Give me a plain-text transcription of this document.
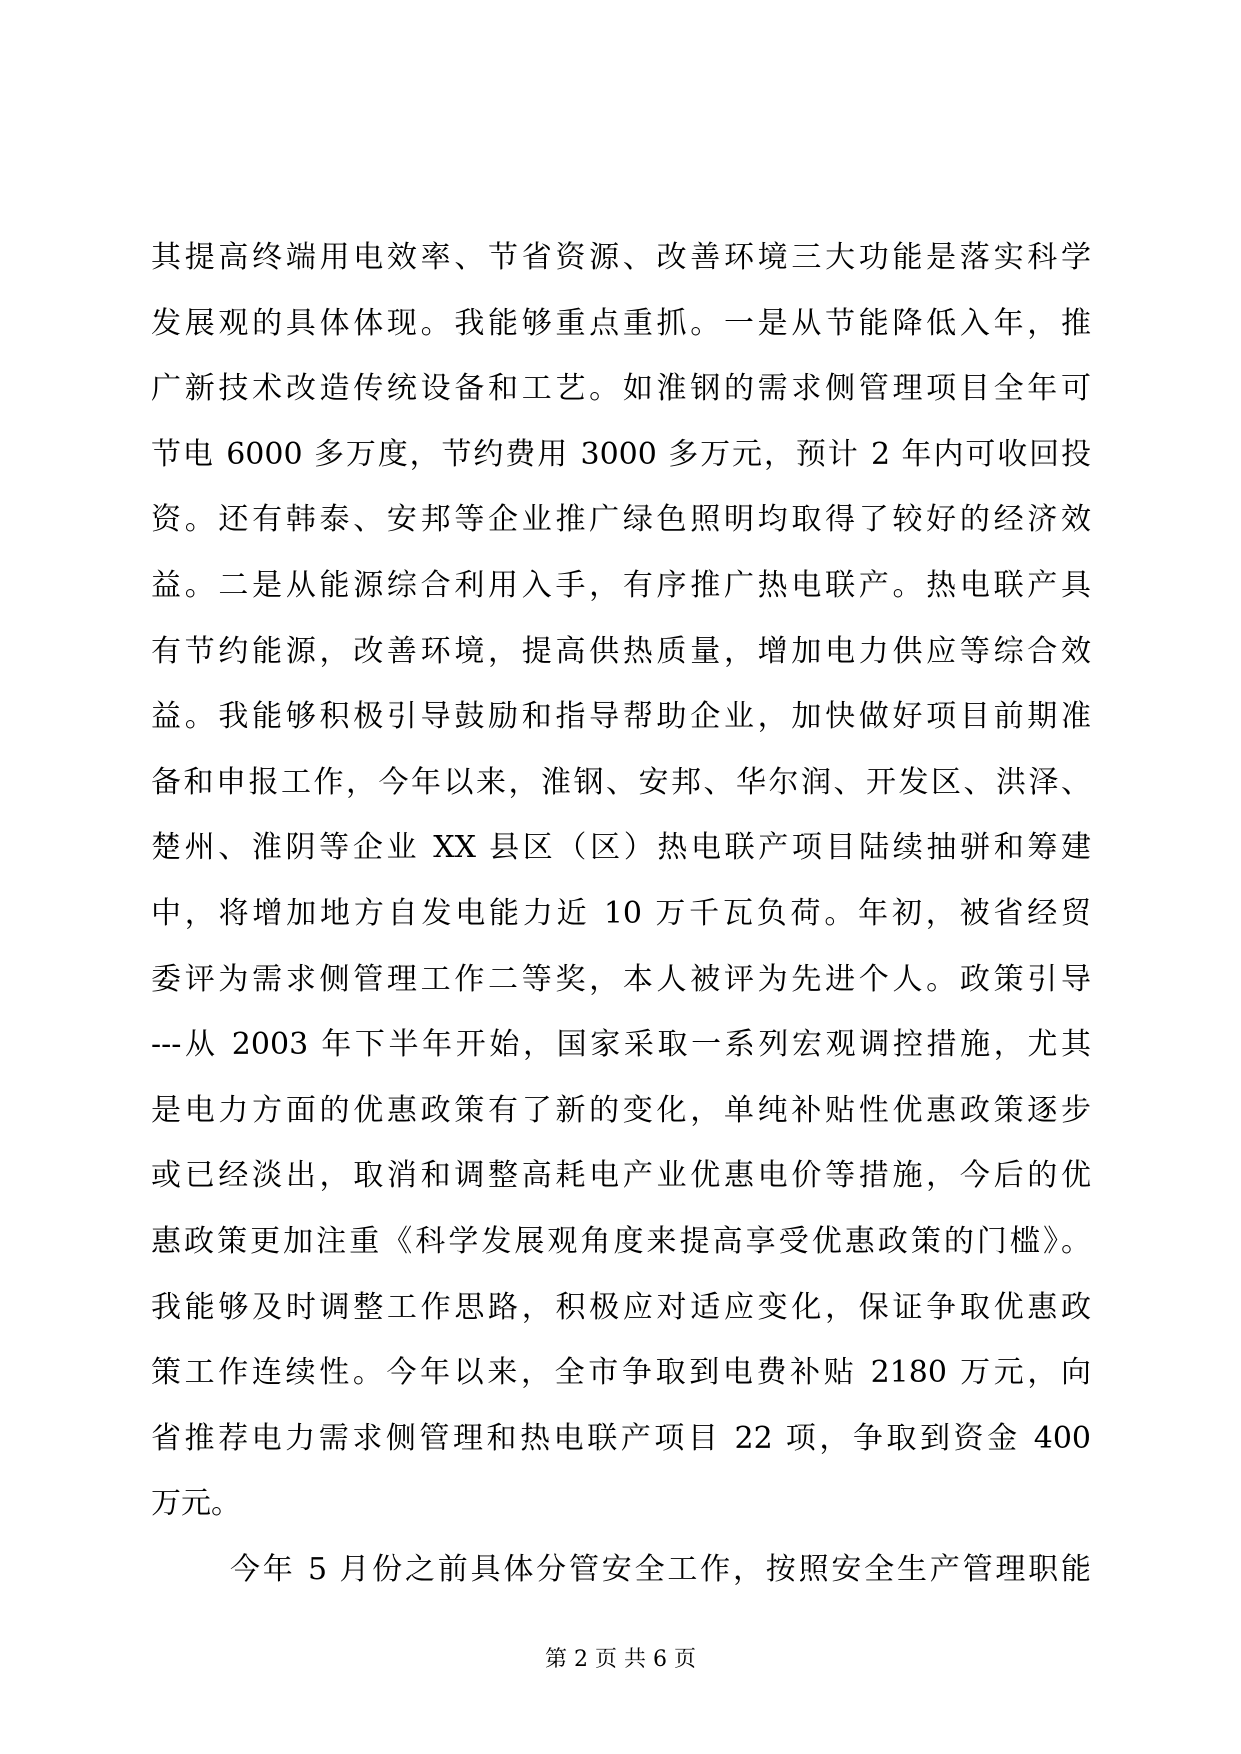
其提高终端用电效率、节省资源、改善环境三大功能是落实科学
发展观的具体体现。我能够重点重抓。一是从节能降低入年，推
广新技术改造传统设备和工艺。如淮钢的需求侧管理项目全年可
节电 6000 多万度，节约费用 3000 多万元，预计 2 年内可收回投
资。还有韩泰、安邦等企业推广绿色照明均取得了较好的经济效
益。二是从能源综合利用入手，有序推广热电联产。热电联产具
有节约能源，改善环境，提高供热质量，增加电力供应等综合效
益。我能够积极引导鼓励和指导帮助企业，加快做好项目前期准
备和申报工作，今年以来，淮钢、安邦、华尔润、开发区、洪泽、
楚州、淮阴等企业 XX 县区（区）热电联产项目陆续抽骈和筹建
中，将增加地方自发电能力近 10 万千瓦负荷。年初，被省经贸
委评为需求侧管理工作二等奖，本人被评为先进个人。政策引导
---从 2003 年下半年开始，国家采取一系列宏观调控措施，尤其
是电力方面的优惠政策有了新的变化，单纯补贴性优惠政策逐步
或已经淡出，取消和调整高耗电产业优惠电价等措施，今后的优
惠政策更加注重《科学发展观角度来提高享受优惠政策的门槛》。
我能够及时调整工作思路，积极应对适应变化，保证争取优惠政
策工作连续性。今年以来，全市争取到电费补贴 2180 万元，向
省推荐电力需求侧管理和热电联产项目 22 项，争取到资金 400
万元。
今年 5 月份之前具体分管安全工作，按照安全生产管理职能
第 2 页 共 6 页
